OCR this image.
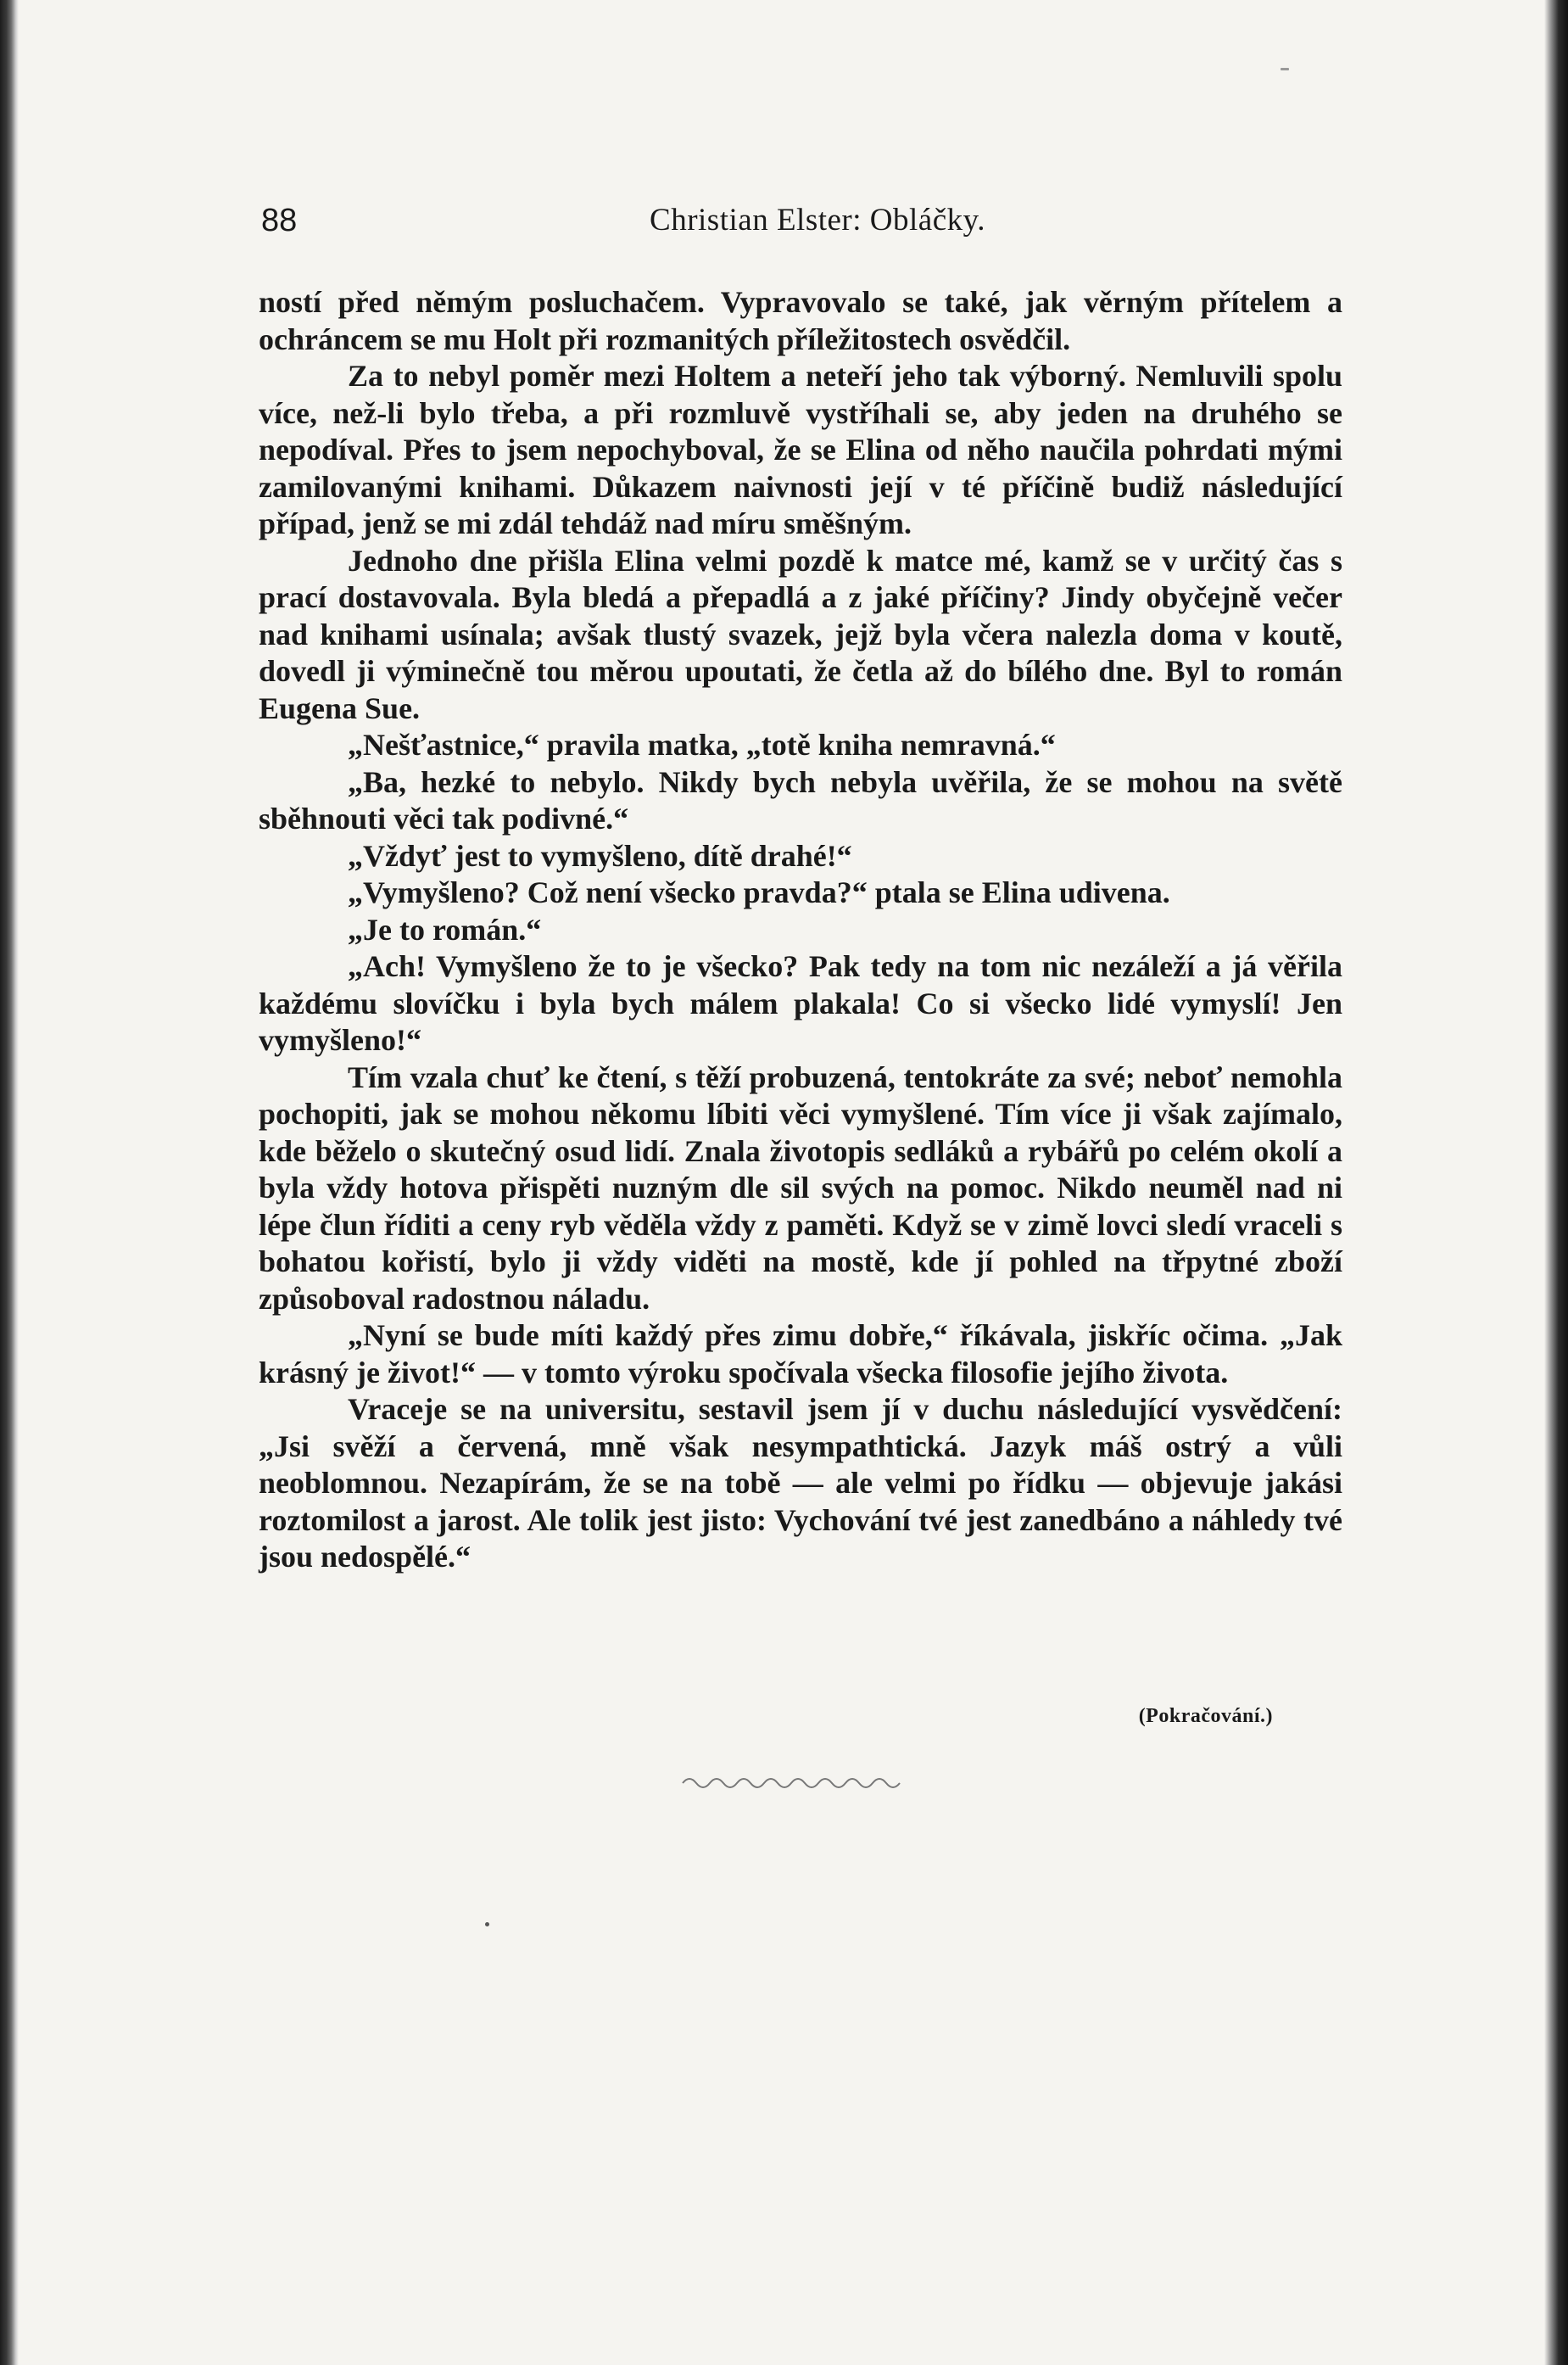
88	Christian Elster: Obláčky.

ností před němým posluchačem. Vypravovalo se také, jak věrným přítelem a ochráncem se mu Holt při rozmanitých příležitostech osvědčil.

Za to nebyl poměr mezi Holtem a neteří jeho tak výborný. Nemluvili spolu více, než-li bylo třeba, a při rozmluvě vystříhali se, aby jeden na druhého se nepodíval. Přes to jsem nepochyboval, že se Elina od něho naučila pohrdati mými zamilovanými knihami. Důkazem naivnosti její v té příčině budiž následující případ, jenž se mi zdál tehdáž nad míru směšným.

Jednoho dne přišla Elina velmi pozdě k matce mé, kamž se v určitý čas s prací dostavovala. Byla bledá a přepadlá a z jaké příčiny? Jindy obyčejně večer nad knihami usínala; avšak tlustý svazek, jejž byla včera nalezla doma v koutě, dovedl ji výminečně tou měrou upoutati, že četla až do bílého dne. Byl to román Eugena Sue.

„Nešťastnice,“ pravila matka, „totě kniha nemravná.“

„Ba, hezké to nebylo. Nikdy bych nebyla uvěřila, že se mohou na světě sběhnouti věci tak podivné.“

„Vždyť jest to vymyšleno, dítě drahé!“

„Vymyšleno? Což není všecko pravda?“ ptala se Elina udivena.

„Je to román.“

„Ach! Vymyšleno že to je všecko? Pak tedy na tom nic nezáleží a já věřila každému slovíčku i byla bych málem plakala! Co si všecko lidé vymyslí! Jen vymyšleno!“

Tím vzala chuť ke čtení, s těží probuzená, tentokráte za své; neboť nemohla pochopiti, jak se mohou někomu líbiti věci vymyšlené. Tím více ji však zajímalo, kde běželo o skutečný osud lidí. Znala životopis sedláků a rybářů po celém okolí a byla vždy hotova přispěti nuzným dle sil svých na pomoc. Nikdo neuměl nad ni lépe člun říditi a ceny ryb věděla vždy z paměti. Když se v zimě lovci sledí vraceli s bohatou kořistí, bylo ji vždy viděti na mostě, kde jí pohled na třpytné zboží způsoboval radostnou náladu.

„Nyní se bude míti každý přes zimu dobře,“ říkávala, jiskříc očima. „Jak krásný je život!“ — v tomto výroku spočívala všecka filosofie jejího života.

Vraceje se na universitu, sestavil jsem jí v duchu následující vysvědčení: „Jsi svěží a červená, mně však nesympathtická. Jazyk máš ostrý a vůli neoblomnou. Nezapírám, že se na tobě — ale velmi po řídku — objevuje jakási roztomilost a jarost. Ale tolik jest jisto: Vychování tvé jest zanedbáno a náhledy tvé jsou nedospělé.“

(Pokračování.)
